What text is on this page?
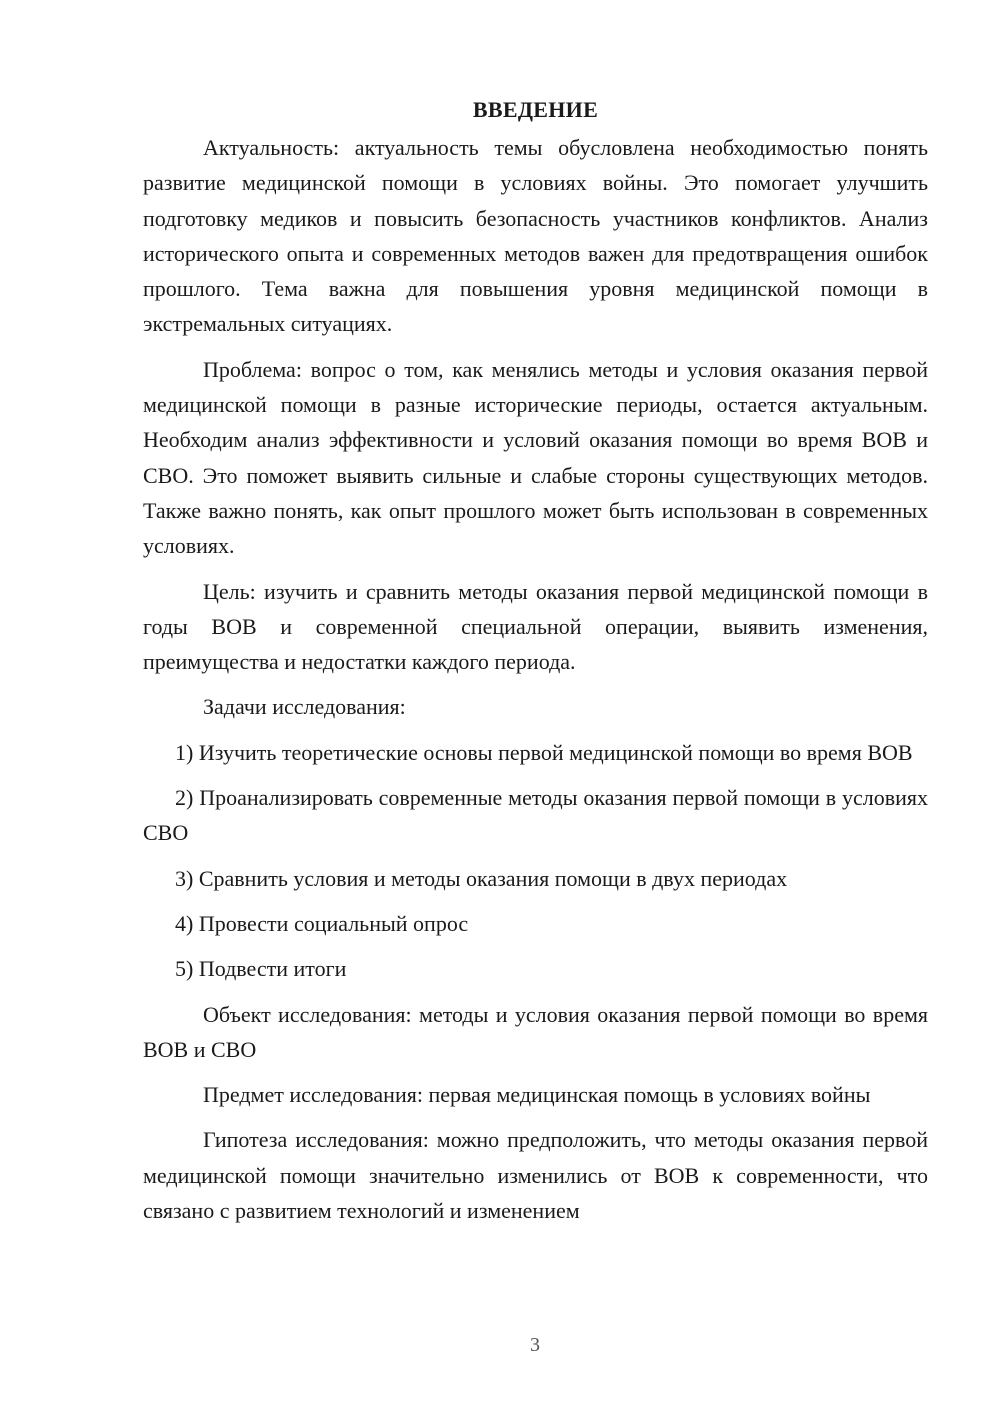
ВВЕДЕНИЕ

Актуальность: актуальность темы обусловлена необходимостью понять развитие медицинской помощи в условиях войны. Это помогает улучшить подготовку медиков и повысить безопасность участников конфликтов. Анализ исторического опыта и современных методов важен для предотвращения ошибок прошлого. Тема важна для повышения уровня медицинской помощи в экстремальных ситуациях.

Проблема: вопрос о том, как менялись методы и условия оказания первой медицинской помощи в разные исторические периоды, остается актуальным. Необходим анализ эффективности и условий оказания помощи во время ВОВ и СВО. Это поможет выявить сильные и слабые стороны существующих методов. Также важно понять, как опыт прошлого может быть использован в современных условиях.

Цель: изучить и сравнить методы оказания первой медицинской помощи в годы ВОВ и современной специальной операции, выявить изменения, преимущества и недостатки каждого периода.

Задачи исследования:

1) Изучить теоретические основы первой медицинской помощи во время ВОВ

2) Проанализировать современные методы оказания первой помощи в условиях СВО

3) Сравнить условия и методы оказания помощи в двух периодах

4) Провести социальный опрос

5) Подвести итоги

Объект исследования: методы и условия оказания первой помощи во время ВОВ и СВО

Предмет исследования: первая медицинская помощь в условиях войны

Гипотеза исследования: можно предположить, что методы оказания первой медицинской помощи значительно изменились от ВОВ к современности, что связано с развитием технологий и изменением

3
